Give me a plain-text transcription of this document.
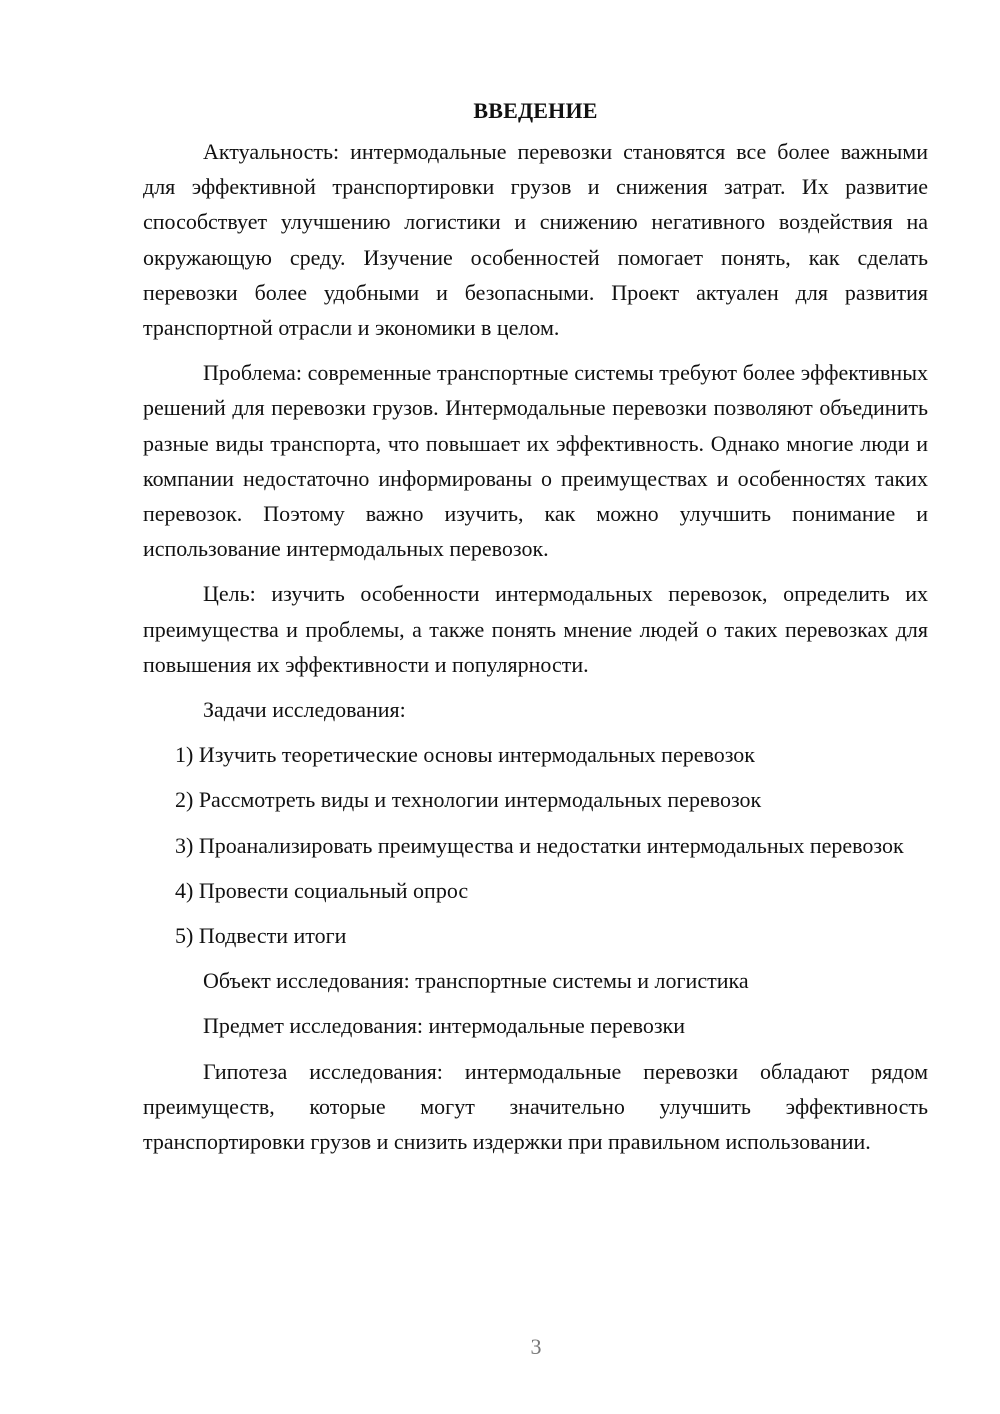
ВВЕДЕНИЕ

Актуальность: интермодальные перевозки становятся все более важными для эффективной транспортировки грузов и снижения затрат. Их развитие способствует улучшению логистики и снижению негативного воздействия на окружающую среду. Изучение особенностей помогает понять, как сделать перевозки более удобными и безопасными. Проект актуален для развития транспортной отрасли и экономики в целом.

Проблема: современные транспортные системы требуют более эффективных решений для перевозки грузов. Интермодальные перевозки позволяют объединить разные виды транспорта, что повышает их эффективность. Однако многие люди и компании недостаточно информированы о преимуществах и особенностях таких перевозок. Поэтому важно изучить, как можно улучшить понимание и использование интермодальных перевозок.

Цель: изучить особенности интермодальных перевозок, определить их преимущества и проблемы, а также понять мнение людей о таких перевозках для повышения их эффективности и популярности.

Задачи исследования:

1) Изучить теоретические основы интермодальных перевозок

2) Рассмотреть виды и технологии интермодальных перевозок

3) Проанализировать преимущества и недостатки интермодальных перевозок

4) Провести социальный опрос

5) Подвести итоги

Объект исследования: транспортные системы и логистика

Предмет исследования: интермодальные перевозки

Гипотеза исследования: интермодальные перевозки обладают рядом преимуществ, которые могут значительно улучшить эффективность транспортировки грузов и снизить издержки при правильном использовании.

3
